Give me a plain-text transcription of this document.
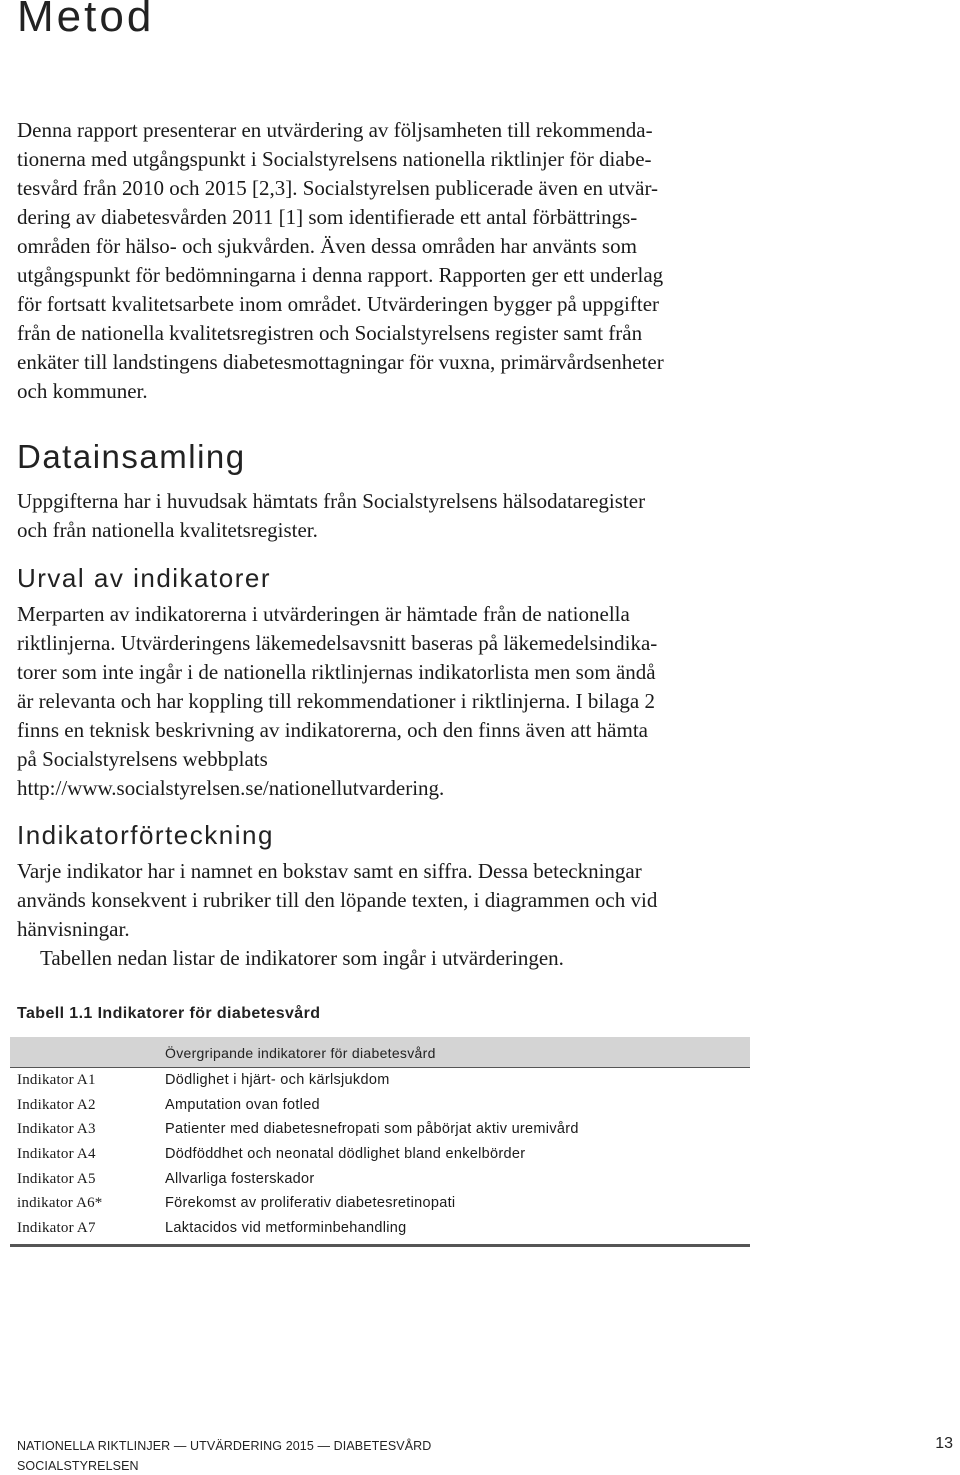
Metod

Denna rapport presenterar en utvärdering av följsamheten till rekommenda-
tionerna med utgångspunkt i Socialstyrelsens nationella riktlinjer för diabe-
tesvård från 2010 och 2015 [2,3]. Socialstyrelsen publicerade även en utvär-
dering av diabetesvården 2011 [1] som identifierade ett antal förbättrings-
områden för hälso- och sjukvården. Även dessa områden har använts som
utgångspunkt för bedömningarna i denna rapport. Rapporten ger ett underlag
för fortsatt kvalitetsarbete inom området. Utvärderingen bygger på uppgifter
från de nationella kvalitetsregistren och Socialstyrelsens register samt från
enkäter till landstingens diabetesmottagningar för vuxna, primärvårdsenheter
och kommuner.

Datainsamling

Uppgifterna har i huvudsak hämtats från Socialstyrelsens hälsodataregister
och från nationella kvalitetsregister.

Urval av indikatorer

Merparten av indikatorerna i utvärderingen är hämtade från de nationella
riktlinjerna. Utvärderingens läkemedelsavsnitt baseras på läkemedelsindika-
torer som inte ingår i de nationella riktlinjernas indikatorlista men som ändå
är relevanta och har koppling till rekommendationer i riktlinjerna. I bilaga 2
finns en teknisk beskrivning av indikatorerna, och den finns även att hämta
på Socialstyrelsens webbplats
http://www.socialstyrelsen.se/nationellutvardering.

Indikatorförteckning

Varje indikator har i namnet en bokstav samt en siffra. Dessa beteckningar
används konsekvent i rubriker till den löpande texten, i diagrammen och vid
hänvisningar.
Tabellen nedan listar de indikatorer som ingår i utvärderingen.

Tabell 1.1 Indikatorer för diabetesvård

Övergripande indikatorer för diabetesvård

Indikator A1	Dödlighet i hjärt- och kärlsjukdom
Indikator A2	Amputation ovan fotled
Indikator A3	Patienter med diabetesnefropati som påbörjat aktiv uremivård
Indikator A4	Dödföddhet och neonatal dödlighet bland enkelbörder
Indikator A5	Allvarliga fosterskador
indikator A6*	Förekomst av proliferativ diabetesretinopati
Indikator A7	Laktacidos vid metforminbehandling

NATIONELLA RIKTLINJER — UTVÄRDERING 2015 — DIABETESVÅRD

SOCIALSTYRELSEN

13
